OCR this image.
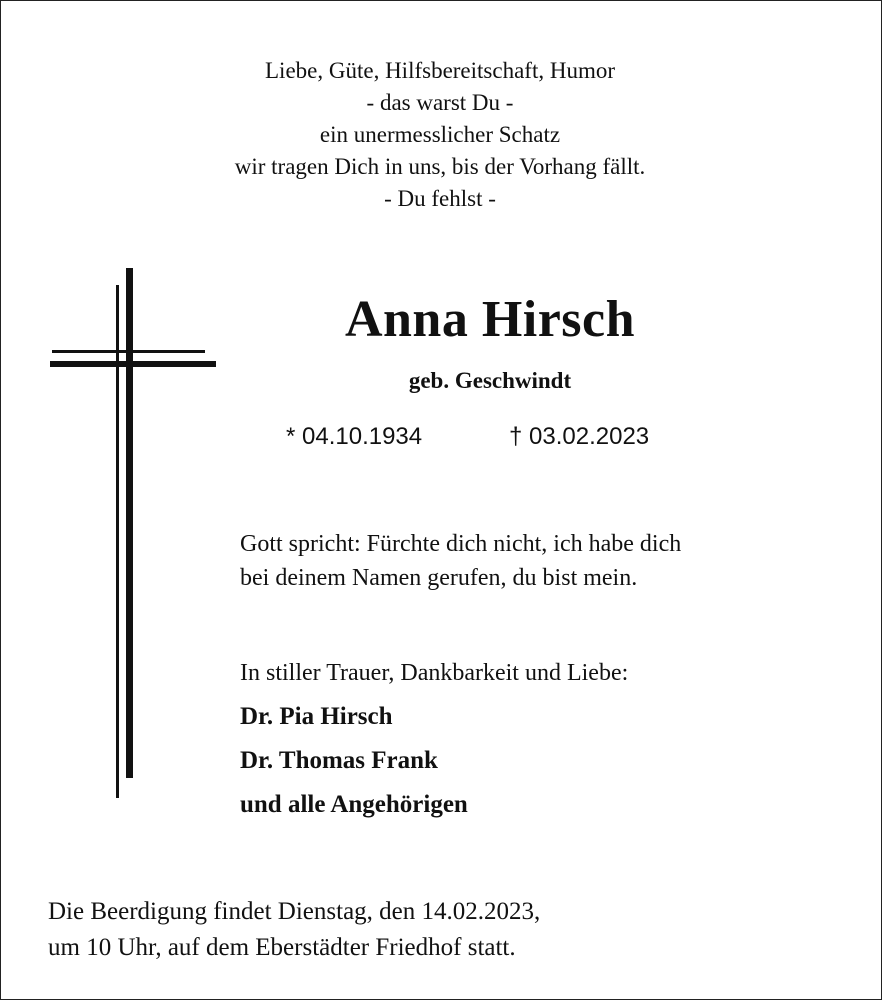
Liebe, Güte, Hilfsbereitschaft, Humor
- das warst Du -
ein unermesslicher Schatz
wir tragen Dich in uns, bis der Vorhang fällt.
- Du fehlst -
Anna Hirsch
geb. Geschwindt
* 04.10.1934	† 03.02.2023
Gott spricht: Fürchte dich nicht, ich habe dich
bei deinem Namen gerufen, du bist mein.
In stiller Trauer, Dankbarkeit und Liebe:
Dr. Pia Hirsch
Dr. Thomas Frank
und alle Angehörigen
Die Beerdigung findet Dienstag, den 14.02.2023,
um 10 Uhr, auf dem Eberstädter Friedhof statt.
